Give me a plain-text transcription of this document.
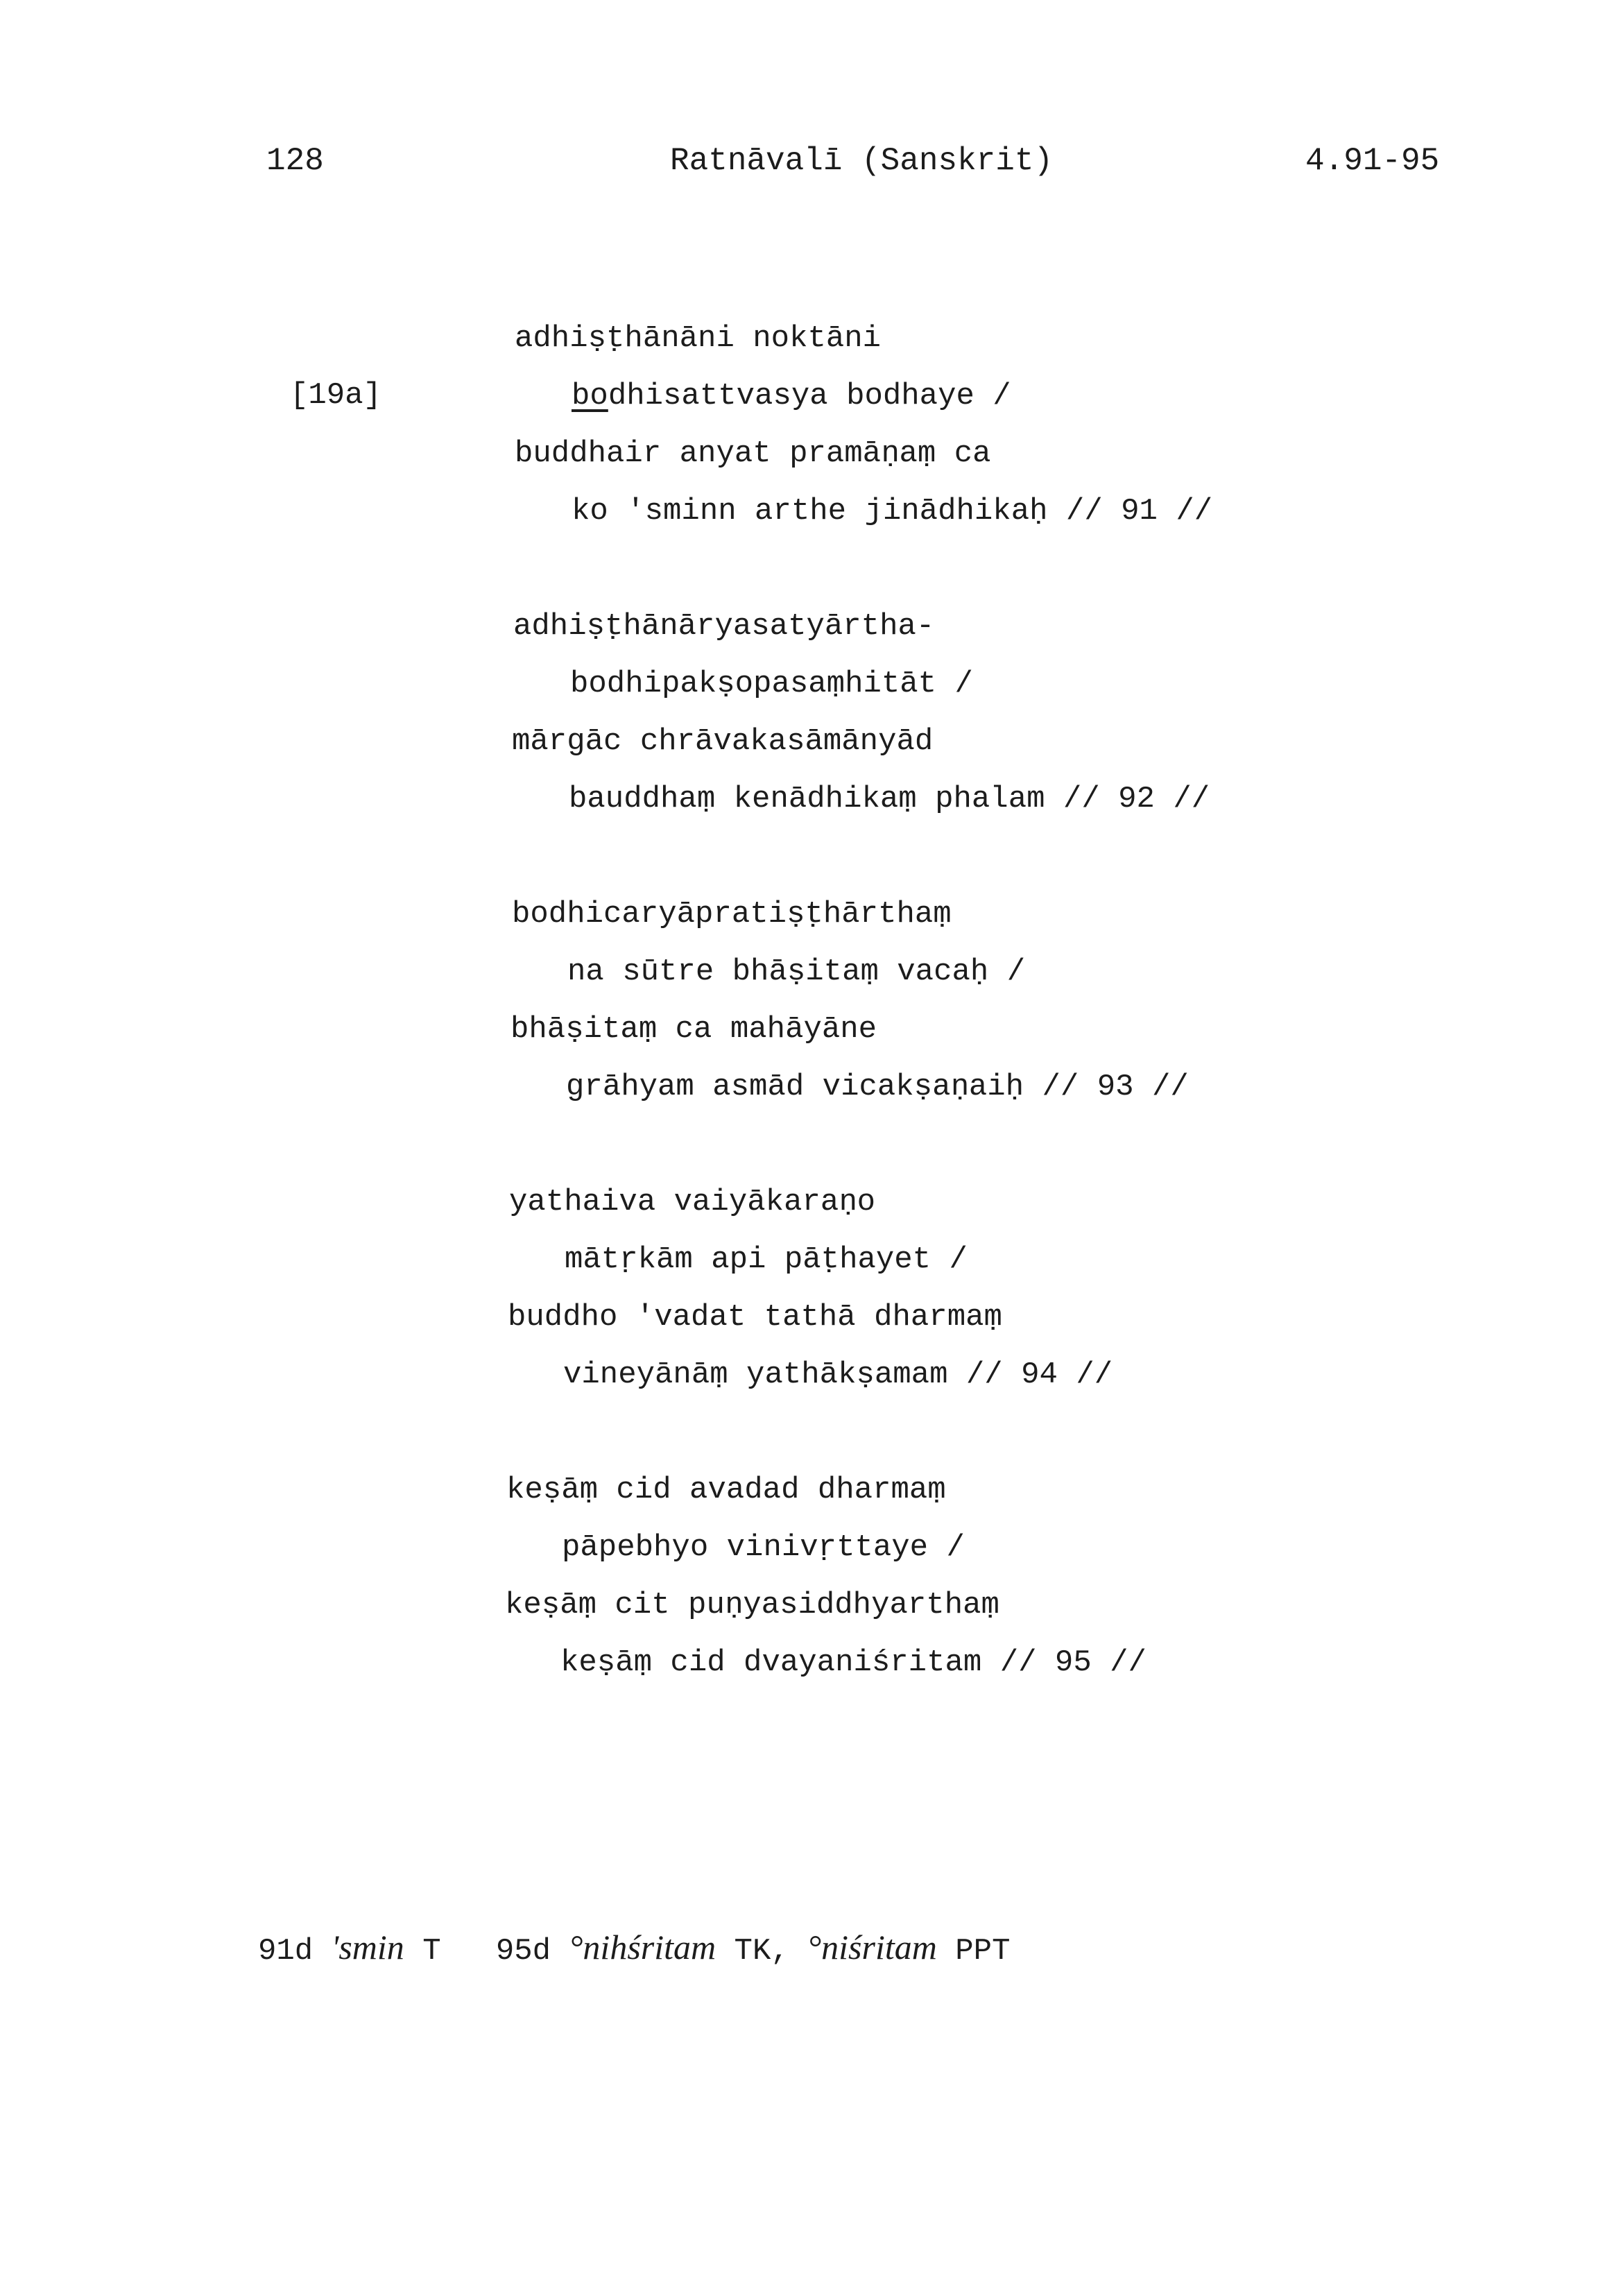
128	Ratnāvalī (Sanskrit)	4.91-95
[19a]
adhiṣṭhānāni noktāni
bodhisattvasya bodhaye /
buddhair anyat pramāṇaṃ ca
ko 'sminn arthe jinādhikaḥ // 91 //
adhiṣṭhānāryasatyārtha-
bodhipakṣopasaṃhitāt /
mārgāc chrāvakasāmānyād
bauddhaṃ kenādhikaṃ phalam // 92 //
bodhicaryāpratiṣṭhārthaṃ
na sūtre bhāṣitaṃ vacaḥ /
bhāṣitaṃ ca mahāyāne
grāhyam asmād vicakṣaṇaiḥ // 93 //
yathaiva vaiyākaraṇo
mātṛkām api pāṭhayet /
buddho 'vadat tathā dharmaṃ
vineyānāṃ yathākṣamam // 94 //
keṣāṃ cid avadad dharmaṃ
pāpebhyo vinivṛttaye /
keṣāṃ cit puṇyasiddhyarthaṃ
keṣāṃ cid dvayaniśritam // 95 //
91d 'smin T 95d °nihśritam TK, °niśritam PPT
